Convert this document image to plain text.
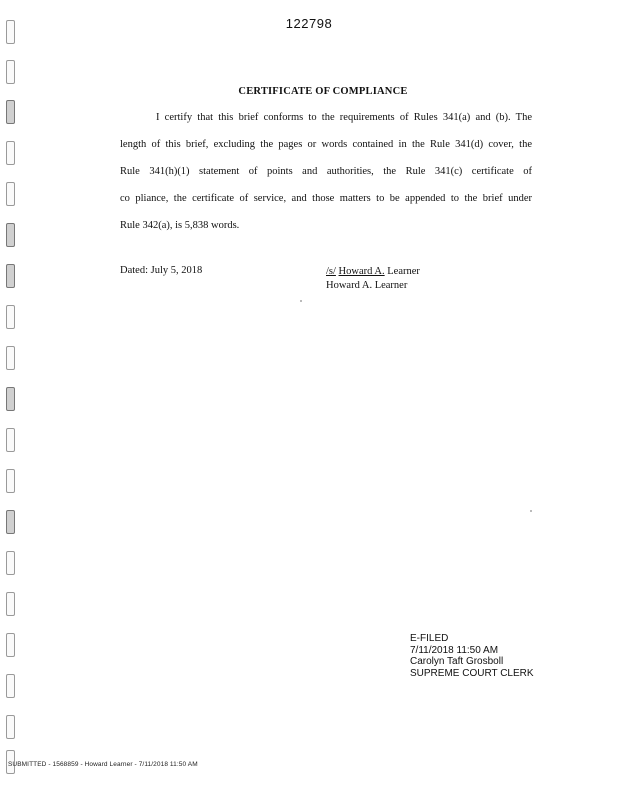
122798
CERTIFICATE OF COMPLIANCE
I certify that this brief conforms to the requirements of Rules 341(a) and (b). The
length of this brief, excluding the pages or words contained in the Rule 341(d) cover, the
Rule 341(h)(1) statement of points and authorities, the Rule 341(c) certificate of
co pliance, the certificate of service, and those matters to be appended to the brief under
Rule 342(a), is 5,838 words.
Dated: July 5, 2018	/s/ Howard A. Learner
Howard A. Learner
E-FILED
7/11/2018 11:50 AM
Carolyn Taft Grosboll
SUPREME COURT CLERK
SUBMITTED - 1568859 - Howard Learner - 7/11/2018 11:50 AM
